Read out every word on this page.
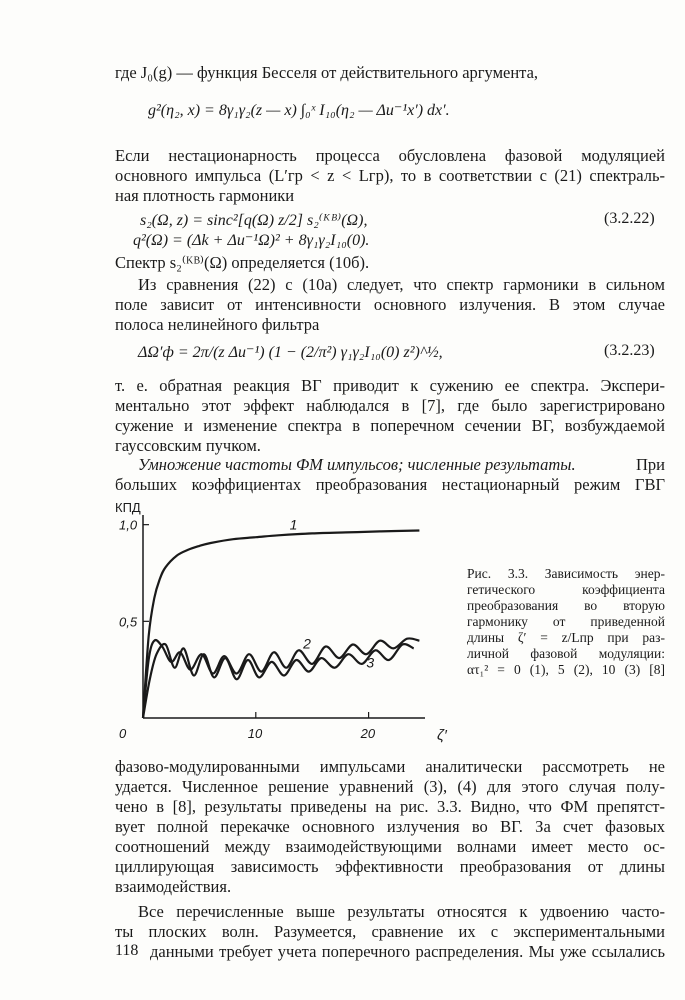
где J₀(g) — функция Бесселя от действительного аргумента,
g²(η₂, x) = 8γ₁γ₂(z — x) ∫₀ˣ I₁₀(η₂ — Δu⁻¹x′) dx′.
Если нестационарность процесса обусловлена фазовой модуляцией
основного импульса (L′гр < z < Lгр), то в соответствии с (21) спектраль-
ная плотность гармоники
s₂(Ω, z) = sinc²[q(Ω) z/2] s₂⁽ᴷᴮ⁾(Ω),	(3.2.22)
q²(Ω) = (Δk + Δu⁻¹Ω)² + 8γ₁γ₂I₁₀(0).
Спектр s₂⁽ᴷᴮ⁾(Ω) определяется (10б).
Из сравнения (22) с (10а) следует, что спектр гармоники в сильном
поле зависит от интенсивности основного излучения. В этом случае
полоса нелинейного фильтра
ΔΩ′ф = 2π/(z Δu⁻¹) (1 − (2/π²) γ₁γ₂I₁₀(0) z²)^½,	(3.2.23)
т. е. обратная реакция ВГ приводит к сужению ее спектра. Экспери-
ментально этот эффект наблюдался в [7], где было зарегистрировано
сужение и изменение спектра в поперечном сечении ВГ, возбуждаемой
гауссовским пучком.
Умножение частоты ФМ импульсов; численные результаты.	При
больших коэффициентах преобразования нестационарный режим ГВГ
КПД
ζ′
0,5
1,0
0	10	20
1
2
3
Рис. 3.3. Зависимость энер-
гетического коэффициента
преобразования во вторую
гармонику от приведенной
длины ζ′ = z/Lпр при раз-
личной фазовой модуляции:
ατ₁² = 0 (1), 5 (2), 10 (3) [8]
фазово-модулированными импульсами аналитически рассмотреть не
удается. Численное решение уравнений (3), (4) для этого случая полу-
чено в [8], результаты приведены на рис. 3.3. Видно, что ФМ препятст-
вует полной перекачке основного излучения во ВГ. За счет фазовых
соотношений между взаимодействующими волнами имеет место ос-
циллирующая зависимость эффективности преобразования от длины
взаимодействия.
Все перечисленные выше результаты относятся к удвоению часто-
ты плоских волн. Разумеется, сравнение их с экспериментальными
данными требует учета поперечного распределения. Мы уже ссылались
118
